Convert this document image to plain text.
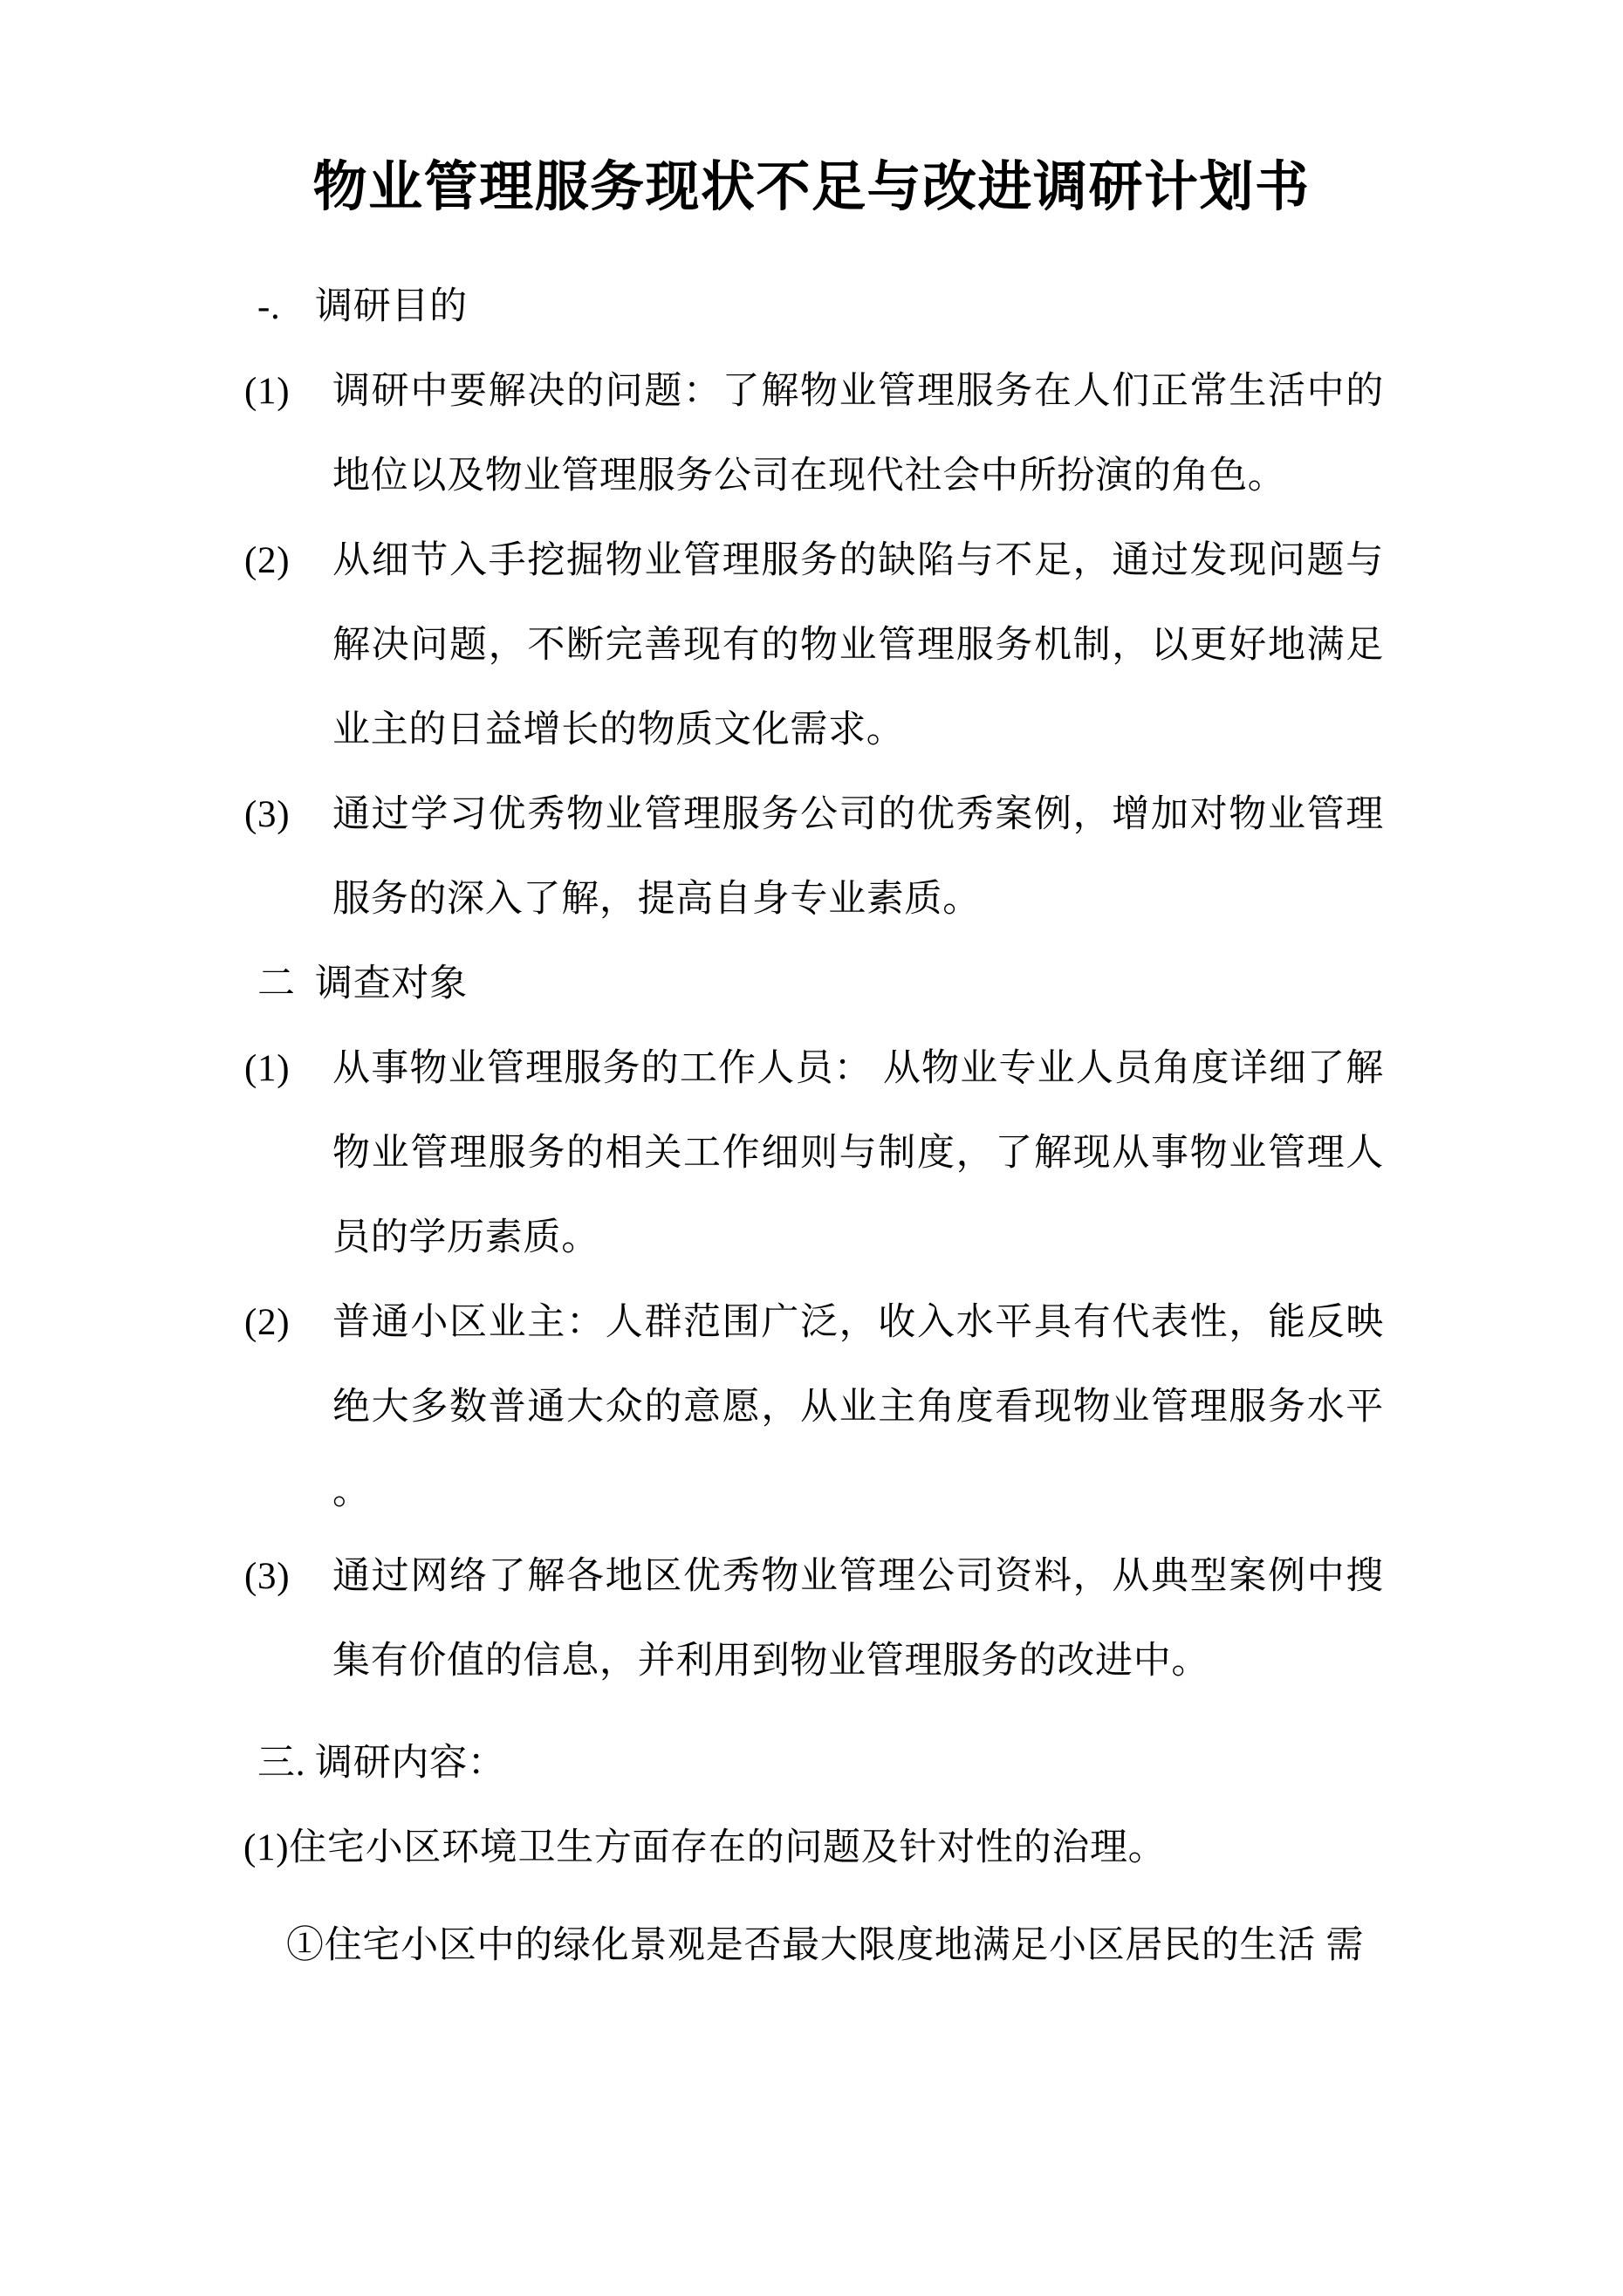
物业管理服务现状不足与改进调研计划书
-. 调研目的
(1)	调研中要解决的问题：了解物业管理服务在人们正常生活中的地位以及物业管理服务公司在现代社会中所扮演的角色。
(2)	从细节入手挖掘物业管理服务的缺陷与不足，通过发现问题与解决问题，不断完善现有的物业管理服务机制，以更好地满足业主的日益增长的物质文化需求。
(3)	通过学习优秀物业管理服务公司的优秀案例，增加对物业管理服务的深入了解，提高自身专业素质。
二 调查对象
(1)	从事物业管理服务的工作人员： 从物业专业人员角度详细了解物业管理服务的相关工作细则与制度，了解现从事物业管理人员的学历素质。
(2)	普通小区业主：人群范围广泛，收入水平具有代表性，能反映绝大多数普通大众的意愿，从业主角度看现物业管理服务水平。
(3)	通过网络了解各地区优秀物业管理公司资料，从典型案例中搜集有价值的信息，并利用到物业管理服务的改进中。
三. 调研内容：
(1)住宅小区环境卫生方面存在的问题及针对性的治理。
①住宅小区中的绿化景观是否最大限度地满足小区居民的生活 需
